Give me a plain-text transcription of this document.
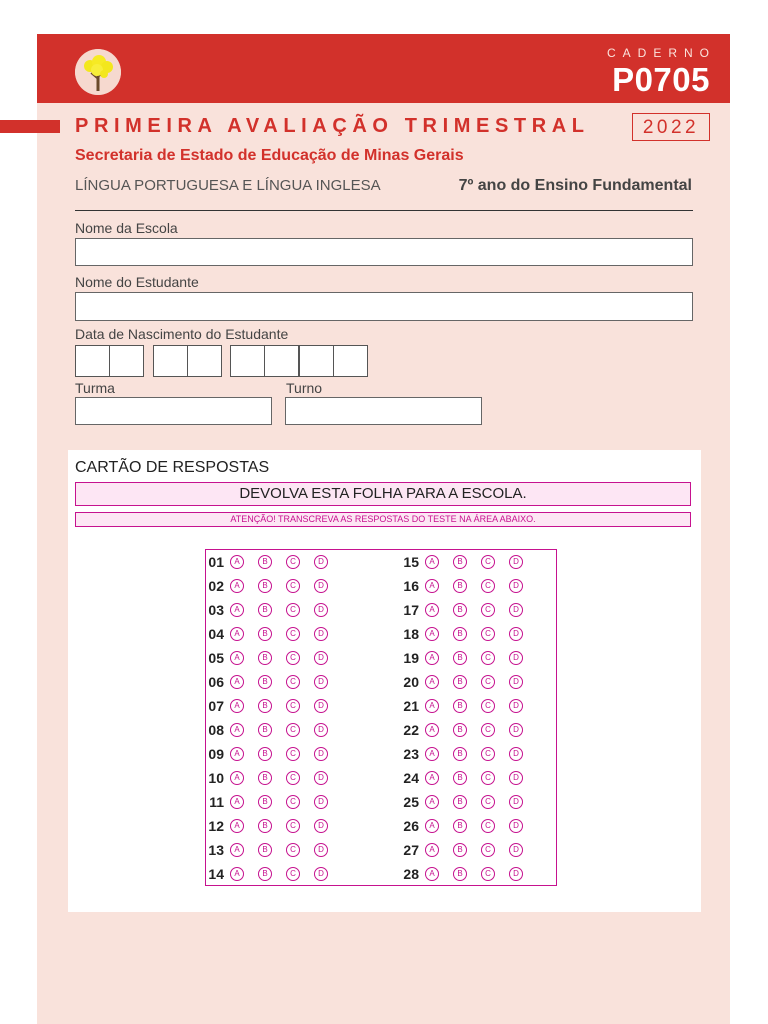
CADERNO
P0705
PRIMEIRA AVALIAÇÃO TRIMESTRAL	2022
Secretaria de Estado de Educação de Minas Gerais
LÍNGUA PORTUGUESA E LÍNGUA INGLESA	7º ano do Ensino Fundamental
Nome da Escola
Nome do Estudante
Data de Nascimento do Estudante
Turma	Turno
CARTÃO DE RESPOSTAS
DEVOLVA ESTA FOLHA PARA A ESCOLA.
ATENÇÃO! TRANSCREVA AS RESPOSTAS DO TESTE NA ÁREA ABAIXO.
01	A	B	C	D
02	A	B	C	D
03	A	B	C	D
04	A	B	C	D
05	A	B	C	D
06	A	B	C	D
07	A	B	C	D
08	A	B	C	D
09	A	B	C	D
10	A	B	C	D
11	A	B	C	D
12	A	B	C	D
13	A	B	C	D
14	A	B	C	D
15	A	B	C	D
16	A	B	C	D
17	A	B	C	D
18	A	B	C	D
19	A	B	C	D
20	A	B	C	D
21	A	B	C	D
22	A	B	C	D
23	A	B	C	D
24	A	B	C	D
25	A	B	C	D
26	A	B	C	D
27	A	B	C	D
28	A	B	C	D
